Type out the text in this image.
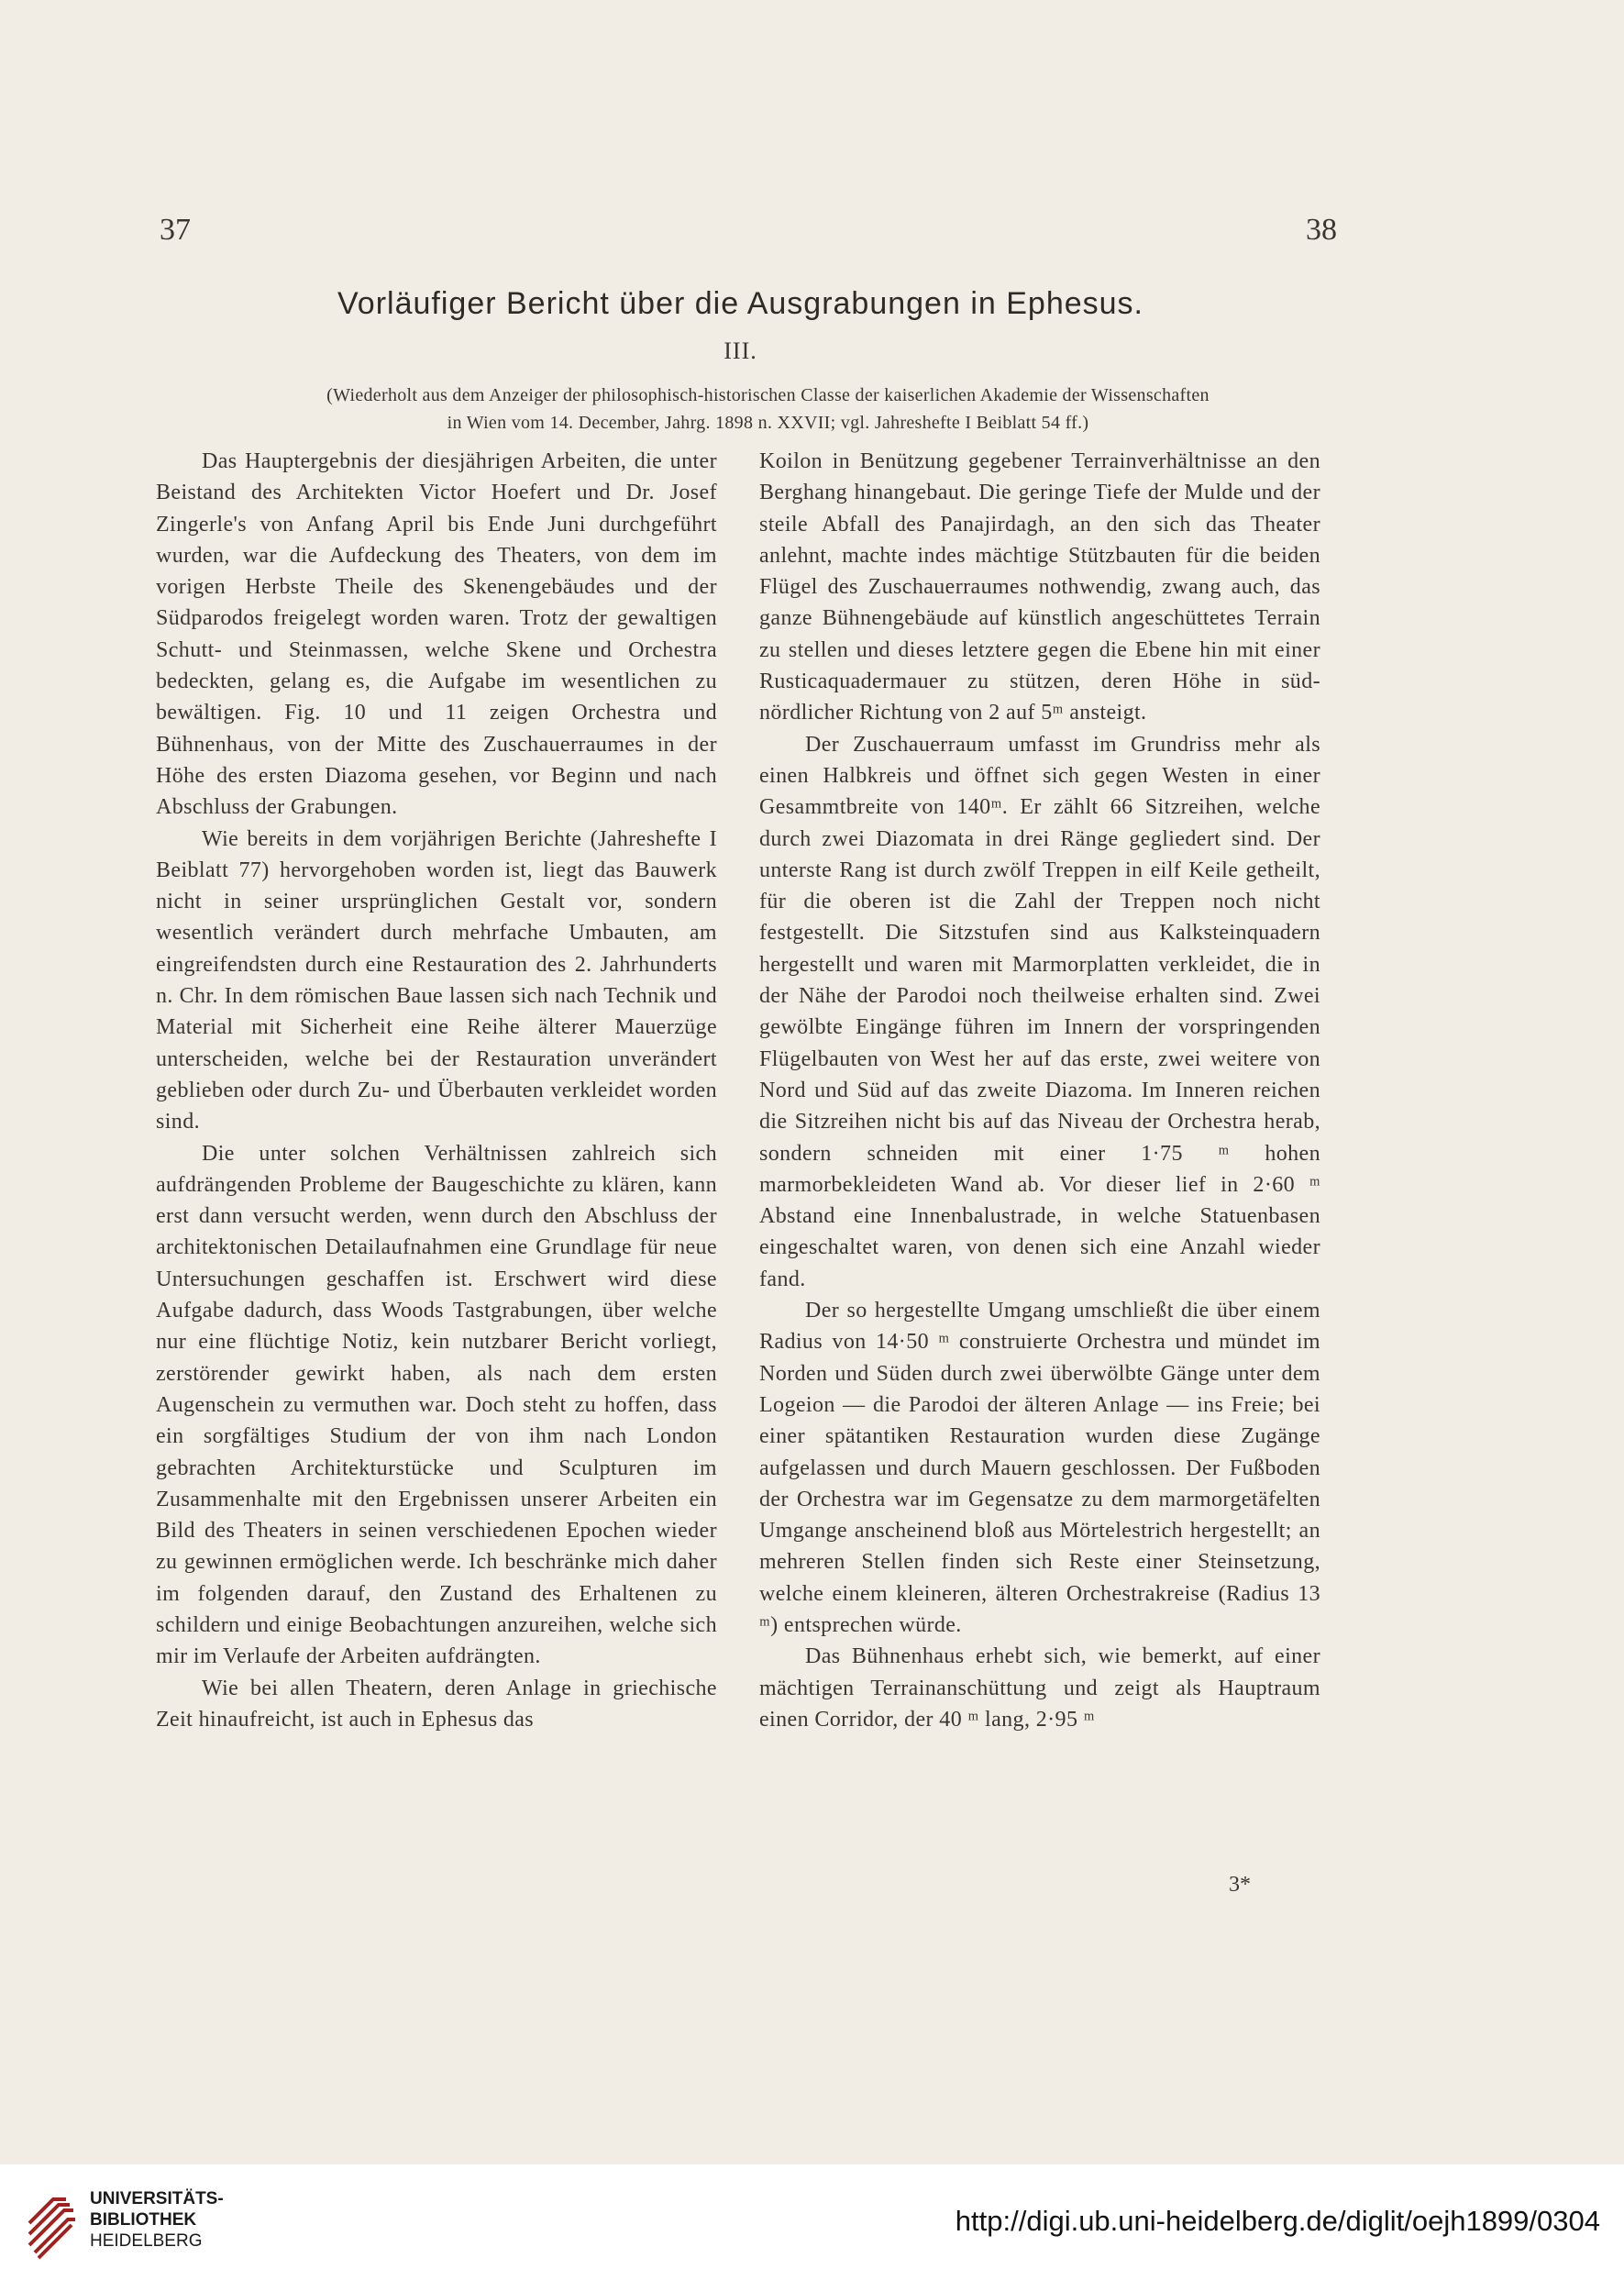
37	38
Vorläufiger Bericht über die Ausgrabungen in Ephesus.
III.
(Wiederholt aus dem Anzeiger der philosophisch-historischen Classe der kaiserlichen Akademie der Wissenschaften
in Wien vom 14. December, Jahrg. 1898 n. XXVII; vgl. Jahreshefte I Beiblatt 54 ff.)

Das Hauptergebnis der diesjährigen Arbeiten, die unter Beistand des Architekten Victor Hoefert und Dr. Josef Zingerle's von Anfang April bis Ende Juni durchgeführt wurden, war die Aufdeckung des Theaters, von dem im vorigen Herbste Theile des Skenengebäudes und der Südparodos freigelegt worden waren. Trotz der gewaltigen Schutt- und Steinmassen, welche Skene und Orchestra bedeckten, gelang es, die Aufgabe im wesentlichen zu bewältigen. Fig. 10 und 11 zeigen Orchestra und Bühnenhaus, von der Mitte des Zuschauerraumes in der Höhe des ersten Diazoma gesehen, vor Beginn und nach Abschluss der Grabungen.

Wie bereits in dem vorjährigen Berichte (Jahreshefte I Beiblatt 77) hervorgehoben worden ist, liegt das Bauwerk nicht in seiner ursprünglichen Gestalt vor, sondern wesentlich verändert durch mehrfache Umbauten, am eingreifendsten durch eine Restauration des 2. Jahrhunderts n. Chr. In dem römischen Baue lassen sich nach Technik und Material mit Sicherheit eine Reihe älterer Mauerzüge unterscheiden, welche bei der Restauration unverändert geblieben oder durch Zu- und Überbauten verkleidet worden sind.

Die unter solchen Verhältnissen zahlreich sich aufdrängenden Probleme der Baugeschichte zu klären, kann erst dann versucht werden, wenn durch den Abschluss der architektonischen Detailaufnahmen eine Grundlage für neue Untersuchungen geschaffen ist. Erschwert wird diese Aufgabe dadurch, dass Woods Tastgrabungen, über welche nur eine flüchtige Notiz, kein nutzbarer Bericht vorliegt, zerstörender gewirkt haben, als nach dem ersten Augenschein zu vermuthen war. Doch steht zu hoffen, dass ein sorgfältiges Studium der von ihm nach London gebrachten Architekturstücke und Sculpturen im Zusammenhalte mit den Ergebnissen unserer Arbeiten ein Bild des Theaters in seinen verschiedenen Epochen wieder zu gewinnen ermöglichen werde. Ich beschränke mich daher im folgenden darauf, den Zustand des Erhaltenen zu schildern und einige Beobachtungen anzureihen, welche sich mir im Verlaufe der Arbeiten aufdrängten.

Wie bei allen Theatern, deren Anlage in griechische Zeit hinaufreicht, ist auch in Ephesus das

Koilon in Benützung gegebener Terrainverhältnisse an den Berghang hinangebaut. Die geringe Tiefe der Mulde und der steile Abfall des Panajirdagh, an den sich das Theater anlehnt, machte indes mächtige Stützbauten für die beiden Flügel des Zuschauerraumes nothwendig, zwang auch, das ganze Bühnengebäude auf künstlich angeschüttetes Terrain zu stellen und dieses letztere gegen die Ebene hin mit einer Rusticaquadermauer zu stützen, deren Höhe in süd-nördlicher Richtung von 2 auf 5ᵐ ansteigt.

Der Zuschauerraum umfasst im Grundriss mehr als einen Halbkreis und öffnet sich gegen Westen in einer Gesammtbreite von 140ᵐ. Er zählt 66 Sitzreihen, welche durch zwei Diazomata in drei Ränge gegliedert sind. Der unterste Rang ist durch zwölf Treppen in eilf Keile getheilt, für die oberen ist die Zahl der Treppen noch nicht festgestellt. Die Sitzstufen sind aus Kalksteinquadern hergestellt und waren mit Marmorplatten verkleidet, die in der Nähe der Parodoi noch theilweise erhalten sind. Zwei gewölbte Eingänge führen im Innern der vorspringenden Flügelbauten von West her auf das erste, zwei weitere von Nord und Süd auf das zweite Diazoma. Im Inneren reichen die Sitzreihen nicht bis auf das Niveau der Orchestra herab, sondern schneiden mit einer 1·75 ᵐ hohen marmorbekleideten Wand ab. Vor dieser lief in 2·60 ᵐ Abstand eine Innenbalustrade, in welche Statuenbasen eingeschaltet waren, von denen sich eine Anzahl wieder fand.

Der so hergestellte Umgang umschließt die über einem Radius von 14·50 ᵐ construierte Orchestra und mündet im Norden und Süden durch zwei überwölbte Gänge unter dem Logeion — die Parodoi der älteren Anlage — ins Freie; bei einer spätantiken Restauration wurden diese Zugänge aufgelassen und durch Mauern geschlossen. Der Fußboden der Orchestra war im Gegensatze zu dem marmorgetäfelten Umgange anscheinend bloß aus Mörtelestrich hergestellt; an mehreren Stellen finden sich Reste einer Steinsetzung, welche einem kleineren, älteren Orchestrakreise (Radius 13 ᵐ) entsprechen würde.

Das Bühnenhaus erhebt sich, wie bemerkt, auf einer mächtigen Terrainanschüttung und zeigt als Hauptraum einen Corridor, der 40 ᵐ lang, 2·95 ᵐ

3*
UNIVERSITÄTS-
BIBLIOTHEK
HEIDELBERG
http://digi.ub.uni-heidelberg.de/diglit/oejh1899/0304
